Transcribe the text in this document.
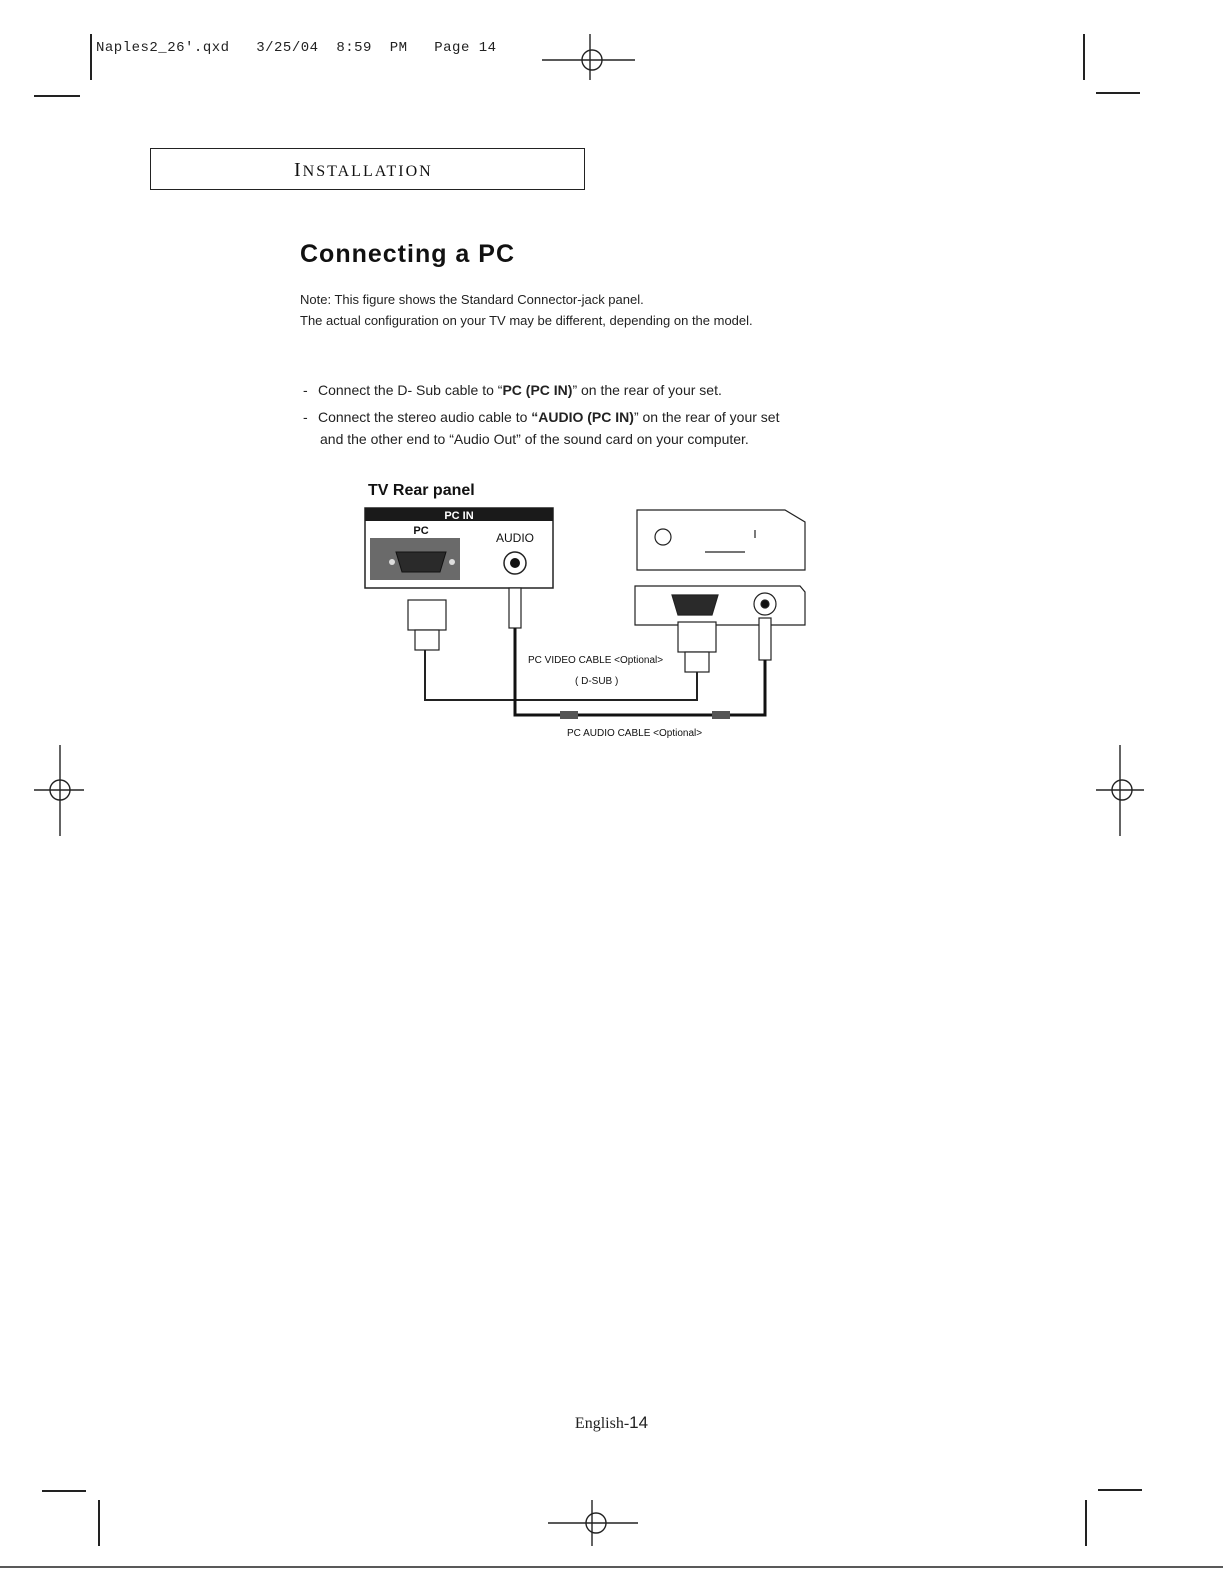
Naples2_26'.qxd   3/25/04  8:59  PM   Page 14
INSTALLATION
Connecting a PC
Note: This figure shows the Standard Connector-jack panel.
The actual configuration on your TV may be different, depending on the model.
- Connect the D- Sub cable to “PC (PC IN)” on the rear of your set.
- Connect the stereo audio cable to “AUDIO (PC IN)” on the rear of your set
and the other end to “Audio Out” of the sound card on your computer.
TV Rear panel
PC IN
PC	AUDIO
PC VIDEO CABLE <Optional>
( D-SUB )
PC AUDIO CABLE <Optional>
English-14
